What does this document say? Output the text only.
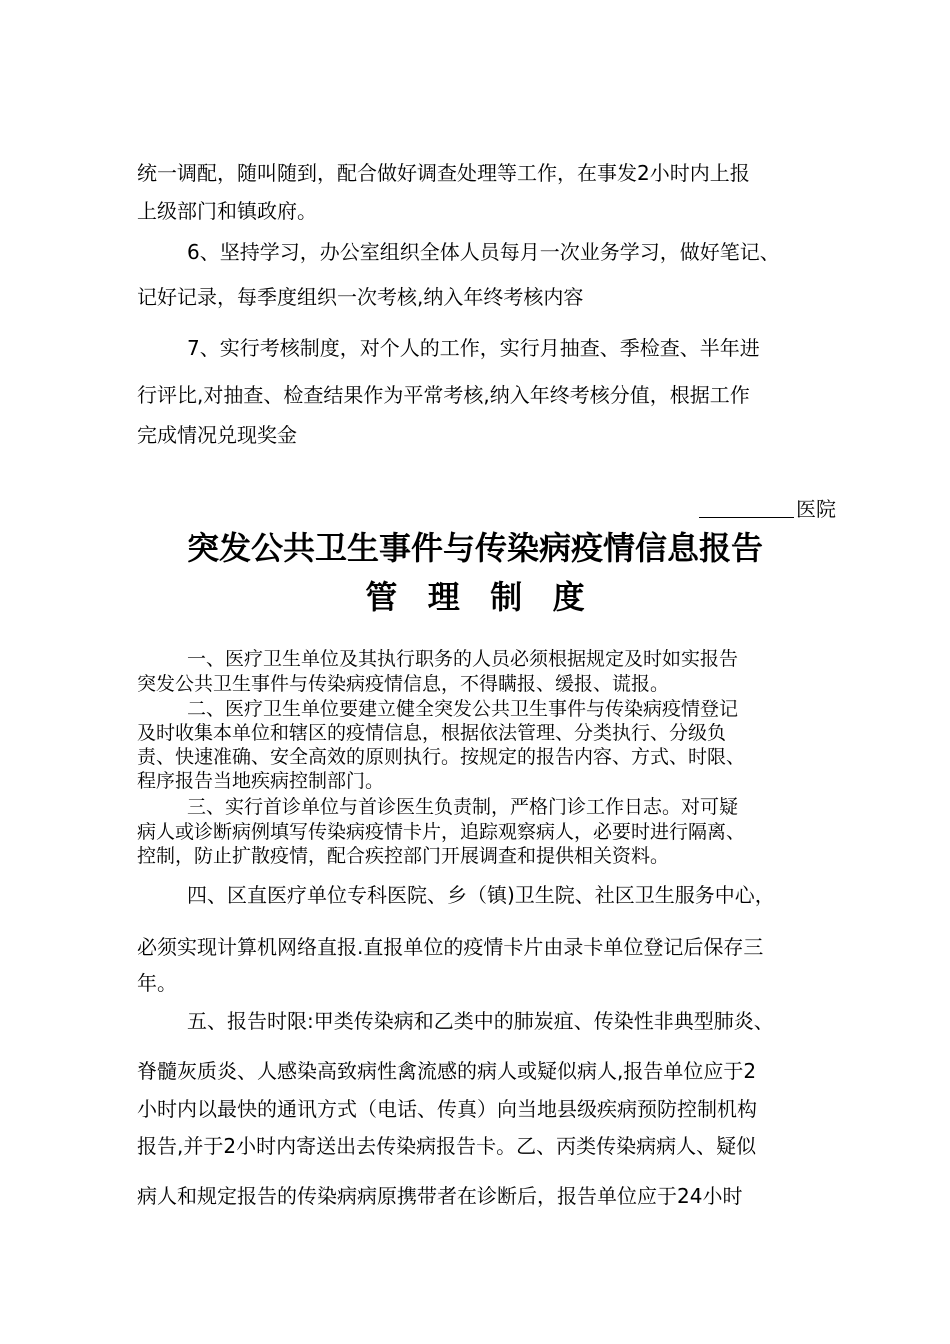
统一调配，随叫随到，配合做好调查处理等工作，在事发2小时内上报

上级部门和镇政府。

6、坚持学习，办公室组织全体人员每月一次业务学习，做好笔记、

记好记录，每季度组织一次考核,纳入年终考核内容

7、实行考核制度，对个人的工作，实行月抽查、季检查、半年进

行评比,对抽查、检查结果作为平常考核,纳入年终考核分值，根据工作

完成情况兑现奖金

医院

突发公共卫生事件与传染病疫情信息报告
管理制度

一、医疗卫生单位及其执行职务的人员必须根据规定及时如实报告

突发公共卫生事件与传染病疫情信息，不得瞒报、缓报、谎报。

二、医疗卫生单位要建立健全突发公共卫生事件与传染病疫情登记

及时收集本单位和辖区的疫情信息，根据依法管理、分类执行、分级负

责、快速准确、安全高效的原则执行。按规定的报告内容、方式、时限、

程序报告当地疾病控制部门。

三、实行首诊单位与首诊医生负责制，严格门诊工作日志。对可疑

病人或诊断病例填写传染病疫情卡片，追踪观察病人，必要时进行隔离、

控制，防止扩散疫情，配合疾控部门开展调查和提供相关资料。

四、区直医疗单位专科医院、乡（镇)卫生院、社区卫生服务中心，

必须实现计算机网络直报.直报单位的疫情卡片由录卡单位登记后保存三

年。

五、报告时限:甲类传染病和乙类中的肺炭疽、传染性非典型肺炎、

脊髓灰质炎、人感染高致病性禽流感的病人或疑似病人,报告单位应于2

小时内以最快的通讯方式（电话、传真）向当地县级疾病预防控制机构

报告,并于2小时内寄送出去传染病报告卡。乙、丙类传染病病人、疑似

病人和规定报告的传染病病原携带者在诊断后，报告单位应于24小时
